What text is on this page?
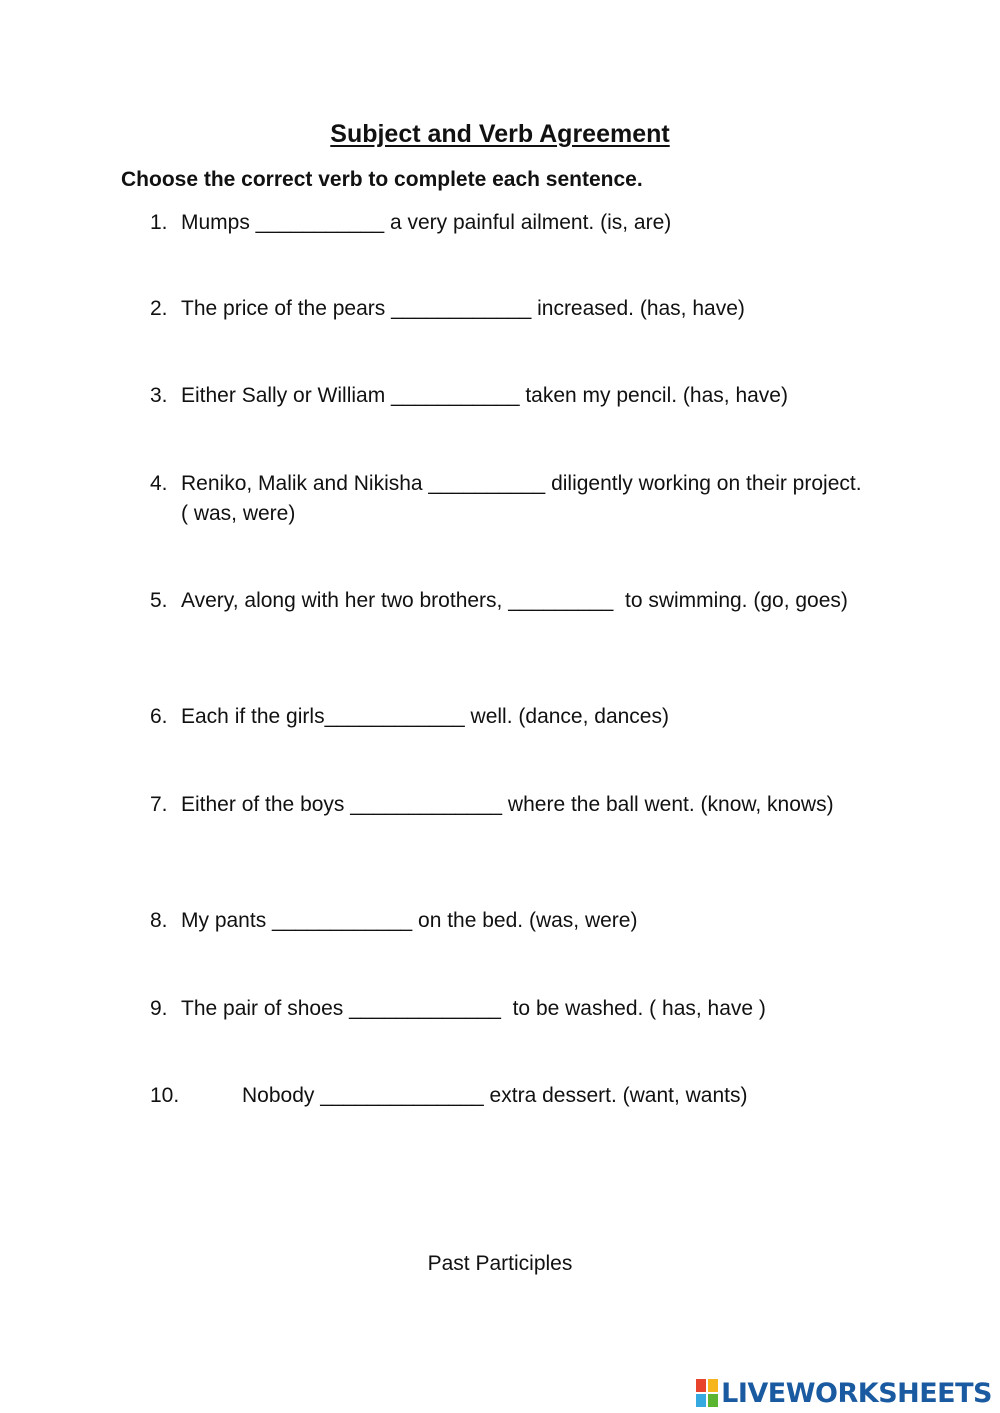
Subject and Verb Agreement

Choose the correct verb to complete each sentence.

1. Mumps ___________ a very painful ailment. (is, are)
2. The price of the pears ____________ increased. (has, have)
3. Either Sally or William ___________ taken my pencil. (has, have)
4. Reniko, Malik and Nikisha __________ diligently working on their project. ( was, were)
5. Avery, along with her two brothers, _________  to swimming. (go, goes)
6. Each if the girls____________ well. (dance, dances)
7. Either of the boys _____________ where the ball went. (know, knows)
8. My pants ____________ on the bed. (was, were)
9. The pair of shoes _____________  to be washed. ( has, have )
10.	Nobody ______________ extra dessert. (want, wants)
Past Participles
LIVEWORKSHEETS
